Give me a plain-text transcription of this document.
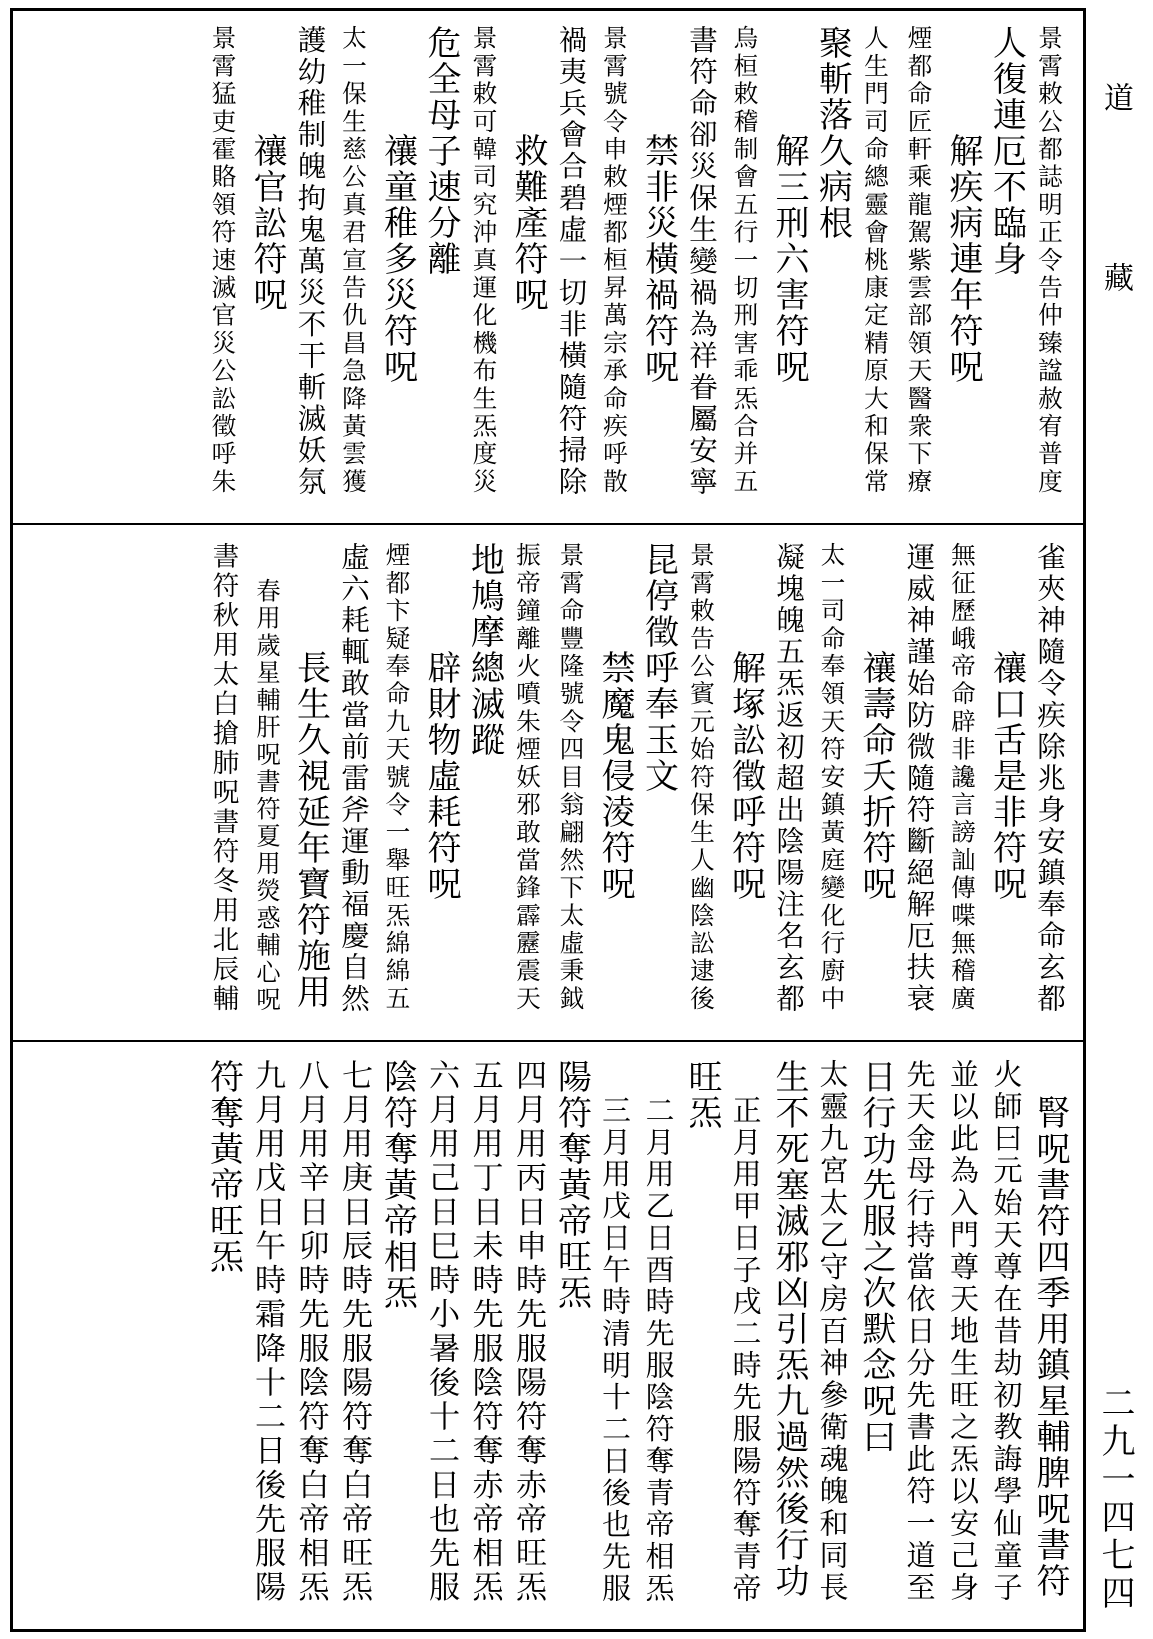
景霄敕公都誌明正令告仲臻諡赦宥普度
人復連厄不臨身
解疾病連年符呪
煙都命匠軒乘龍駕紫雲部領天醫衆下療
人生門司命總靈會桃康定精原大和保常
聚斬落久病根
解三刑六害符呪
烏桓敕稽制會五行一切刑害乖炁合并五
書符命卻災保生變禍為祥眷屬安寧
禁非災橫禍符呪
景霄號令申敕煙都桓昇萬宗承命疾呼散
禍夷兵會合碧虛一切非橫隨符掃除
救難產符呪
景霄敕可韓司究沖真運化機布生炁度災
危全母子速分離
禳童稚多災符呪
太一保生慈公真君宣告仇昌急降黃雲獲
護幼稚制魄拘鬼萬災不干斬滅妖氛
禳官訟符呪
景霄猛吏霍賂領符速滅官災公訟徵呼朱
雀夾神隨令疾除兆身安鎮奉命玄都
禳口舌是非符呪
無征歷峨帝命辟非讒言謗訕傳喋無稽廣
運威神謹始防微隨符斷絕解厄扶衰
禳壽命夭折符呪
太一司命奉領天符安鎮黃庭變化行廚中
凝塊魄五炁返初超出陰陽注名玄都
解塚訟徵呼符呪
景霄敕告公賓元始符保生人幽陰訟逮後
昆停徵呼奉玉文
禁魔鬼侵淩符呪
景霄命豐隆號令四目翁翩然下太虛秉鉞
振帝鐘離火噴朱煙妖邪敢當鋒霹靂震天
地鳩摩總滅蹤
辟財物虛耗符呪
煙都卞疑奉命九天號令一舉旺炁綿綿五
虛六耗輒敢當前雷斧運動福慶自然
長生久視延年寶符施用
春用歲星輔肝呪書符夏用熒惑輔心呪
書符秋用太白搶肺呪書符冬用北辰輔
腎呪書符四季用鎮星輔脾呪書符
火師曰元始天尊在昔劫初教誨學仙童子
並以此為入門尊天地生旺之炁以安己身
先天金母行持當依日分先書此符一道至
日行功先服之次默念呪曰
太靈九宮太乙守房百神參衛魂魄和同長
生不死塞滅邪凶引炁九過然後行功
正月用甲日子戌二時先服陽符奪青帝
旺炁
二月用乙日酉時先服陰符奪青帝相炁
三月用戊日午時清明十二日後也先服
陽符奪黃帝旺炁
四月用丙日申時先服陽符奪赤帝旺炁
五月用丁日未時先服陰符奪赤帝相炁
六月用己日巳時小暑後十二日也先服
陰符奪黃帝相炁
七月用庚日辰時先服陽符奪白帝旺炁
八月用辛日卯時先服陰符奪白帝相炁
九月用戊日午時霜降十二日後先服陽
符奪黃帝旺炁
道藏
二九一四七四
